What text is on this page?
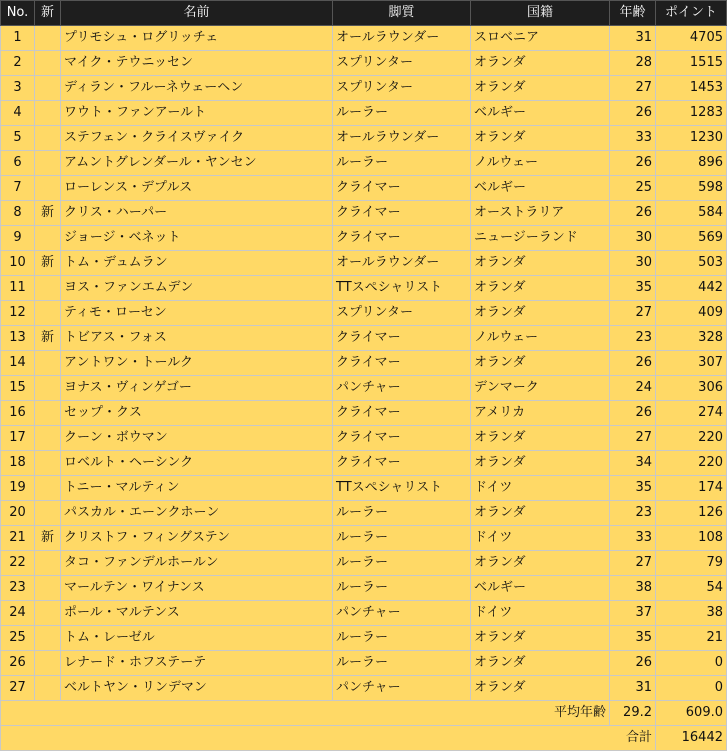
No.	新	名前	脚質	国籍	年齢	ポイント
1		プリモシュ・ログリッチェ	オールラウンダー	スロベニア	31	4705
2		マイク・テウニッセン	スプリンター	オランダ	28	1515
3		ディラン・フルーネウェーヘン	スプリンター	オランダ	27	1453
4		ワウト・ファンアールト	ルーラー	ベルギー	26	1283
5		ステフェン・クライスヴァイク	オールラウンダー	オランダ	33	1230
6		アムントグレンダール・ヤンセン	ルーラー	ノルウェー	26	896
7		ローレンス・デプルス	クライマー	ベルギー	25	598
8	新	クリス・ハーパー	クライマー	オーストラリア	26	584
9		ジョージ・ベネット	クライマー	ニュージーランド	30	569
10	新	トム・デュムラン	オールラウンダー	オランダ	30	503
11		ヨス・ファンエムデン	TTスペシャリスト	オランダ	35	442
12		ティモ・ローセン	スプリンター	オランダ	27	409
13	新	トビアス・フォス	クライマー	ノルウェー	23	328
14		アントワン・トールク	クライマー	オランダ	26	307
15		ヨナス・ヴィンゲゴー	パンチャー	デンマーク	24	306
16		セップ・クス	クライマー	アメリカ	26	274
17		クーン・ボウマン	クライマー	オランダ	27	220
18		ロベルト・ヘーシンク	クライマー	オランダ	34	220
19		トニー・マルティン	TTスペシャリスト	ドイツ	35	174
20		パスカル・エーンクホーン	ルーラー	オランダ	23	126
21	新	クリストフ・フィングステン	ルーラー	ドイツ	33	108
22		タコ・ファンデルホールン	ルーラー	オランダ	27	79
23		マールテン・ワイナンス	ルーラー	ベルギー	38	54
24		ポール・マルテンス	パンチャー	ドイツ	37	38
25		トム・レーゼル	ルーラー	オランダ	35	21
26		レナード・ホフステーテ	ルーラー	オランダ	26	0
27		ベルトヤン・リンデマン	パンチャー	オランダ	31	0
平均年齢					29.2	609.0
合計						16442
